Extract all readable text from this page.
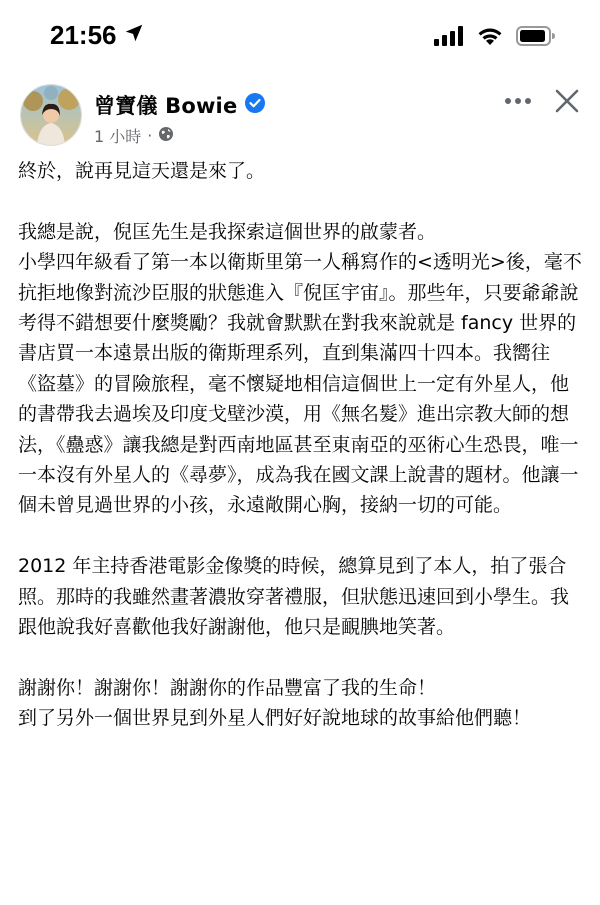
21:56
曾寶儀 Bowie
1 小時 ·

終於，說再見這天還是來了。

我總是說，倪匡先生是我探索這個世界的啟蒙者。
小學四年級看了第一本以衛斯里第一人稱寫作的<透明光>後，毫不抗拒地像對流沙臣服的狀態進入『倪匡宇宙』。那些年，只要爺爺說考得不錯想要什麼獎勵？我就會默默在對我來說就是 fancy 世界的書店買一本遠景出版的衛斯理系列，直到集滿四十四本。我嚮往《盜墓》的冒險旅程，毫不懷疑地相信這個世上一定有外星人，他的書帶我去過埃及印度戈壁沙漠，用《無名髮》進出宗教大師的想法，《蠱惑》讓我總是對西南地區甚至東南亞的巫術心生恐畏，唯一一本沒有外星人的《尋夢》，成為我在國文課上說書的題材。他讓一個未曾見過世界的小孩，永遠敞開心胸，接納一切的可能。

2012 年主持香港電影金像獎的時候，總算見到了本人，拍了張合照。那時的我雖然畫著濃妝穿著禮服，但狀態迅速回到小學生。我跟他說我好喜歡他我好謝謝他，他只是靦腆地笑著。

謝謝你！謝謝你！謝謝你的作品豐富了我的生命！
到了另外一個世界見到外星人們好好說地球的故事給他們聽！
